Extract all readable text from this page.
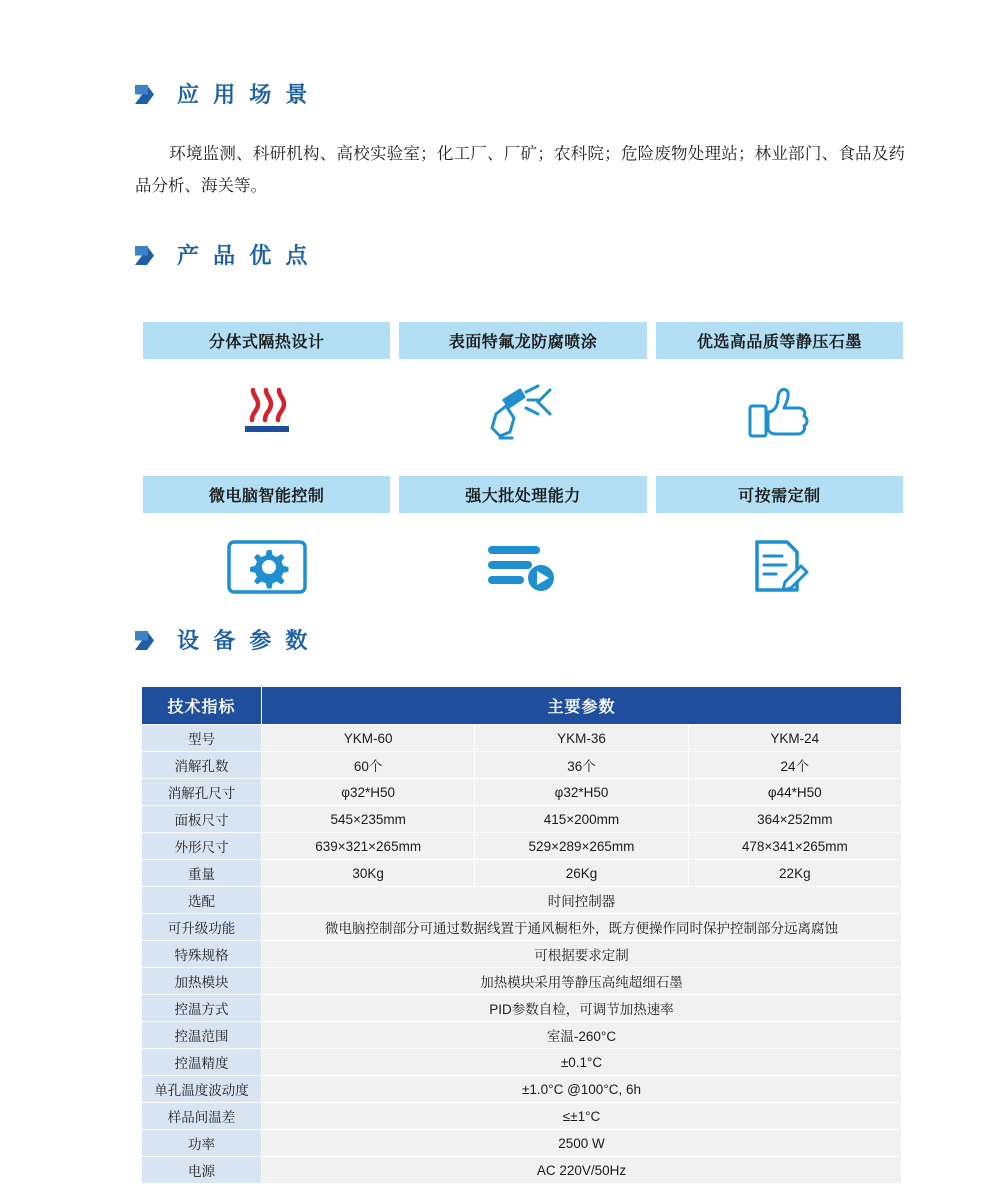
应 用 场 景
环境监测、科研机构、高校实验室；化工厂、厂矿；农科院；危险废物处理站；林业部门、食品及药品分析、海关等。
产 品 优 点
分体式隔热设计	表面特氟龙防腐喷涂	优选高品质等静压石墨
微电脑智能控制	强大批处理能力	可按需定制
设 备 参 数
技术指标	主要参数		
型号	YKM-60	YKM-36	YKM-24
消解孔数	60个	36个	24个
消解孔尺寸	φ32*H50	φ32*H50	φ44*H50
面板尺寸	545×235mm	415×200mm	364×252mm
外形尺寸	639×321×265mm	529×289×265mm	478×341×265mm
重量	30Kg	26Kg	22Kg
选配	时间控制器		
可升级功能	微电脑控制部分可通过数据线置于通风橱柜外，既方便操作同时保护控制部分远离腐蚀		
特殊规格	可根据要求定制		
加热模块	加热模块采用等静压高纯超细石墨		
控温方式	PID参数自检，可调节加热速率		
控温范围	室温-260°C		
控温精度	±0.1°C		
单孔温度波动度	±1.0°C @100°C, 6h		
样品间温差	≤±1°C		
功率	2500 W		
电源	AC 220V/50Hz		
